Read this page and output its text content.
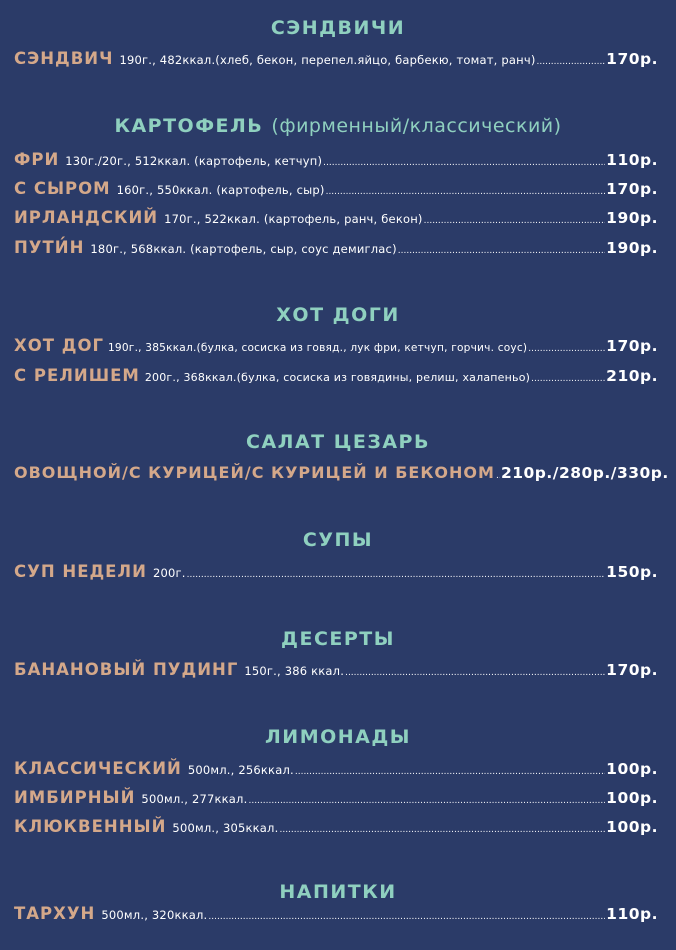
СЭНДВИЧИ
СЭНДВИЧ 190г., 482ккал.(хлеб, бекон, перепел.яйцо, барбекю, томат, ранч) .....	170р.
КАРТОФЕЛЬ (фирменный/классический)
ФРИ 130г./20г., 512ккал. (картофель, кетчуп) .....	110р.
С СЫРОМ 160г., 550ккал. (картофель, сыр) .....	170р.
ИРЛАНДСКИЙ 170г., 522ккал. (картофель, ранч, бекон) .....	190р.
ПУТИ́Н 180г., 568ккал. (картофель, сыр, соус демиглас) .....	190р.
ХОТ ДОГИ
ХОТ ДОГ 190г., 385ккал.(булка, сосиска из говяд., лук фри, кетчуп, горчич. соус) .....	170р.
С РЕЛИШЕМ 200г., 368ккал.(булка, сосиска из говядины, релиш, халапеньо) .....	210р.
САЛАТ ЦЕЗАРЬ
ОВОЩНОЙ/С КУРИЦЕЙ/С КУРИЦЕЙ И БЕКОНОМ ..... 210р./280р./330р.
СУПЫ
СУП НЕДЕЛИ 200г. .....	150р.
ДЕСЕРТЫ
БАНАНОВЫЙ ПУДИНГ 150г., 386 ккал. .....	170р.
ЛИМОНАДЫ
КЛАССИЧЕСКИЙ 500мл., 256ккал. .....	100р.
ИМБИРНЫЙ 500мл., 277ккал. .....	100р.
КЛЮКВЕННЫЙ 500мл., 305ккал. .....	100р.
НАПИТКИ
ТАРХУН 500мл., 320ккал. .....	110р.
